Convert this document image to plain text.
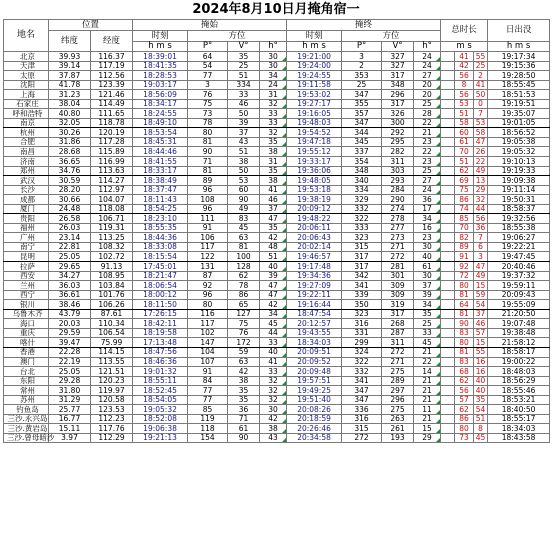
2024年8月10日月掩角宿一
地名	位置		掩始				掩终				总时长			日出没
	纬度	经度	时刻	方位			时刻	方位						
			h m s	P°	V°	h°	h m s	P°	V°	h°	m s			h m s
北京	39.93	116.37	18:39:01	64	35	30	19:21:00	3	327	24		41	55	19:17:34
天津	39.14	117.19	18:41:35	54	25	30	19:24:00	2	327	24		42	25	19:15:36
太原	37.87	112.56	18:28:53	77	51	34	19:24:55	353	317	27		56	2	19:28:50
沈阳	41.78	123.39	19:03:17	3	334	24	19:11:58	25	348	20		8	41	18:55:45
上海	31.23	121.46	18:56:09	76	33	31	19:53:02	347	296	20		56	50	18:51:53
石家庄	38.04	114.49	18:34:17	75	46	32	19:27:17	355	317	25		53	0	19:19:51
呼和浩特	40.80	111.65	18:24:55	73	50	33	19:16:05	357	326	28		51	7	19:35:07
南京	32.05	118.78	18:49:10	78	39	33	19:48:03	347	300	22		58	53	19:01:05
杭州	30.26	120.19	18:53:54	80	37	32	19:54:52	344	292	21		60	58	18:56:52
合肥	31.86	117.28	18:45:31	81	43	35	19:47:18	345	295	23		61	47	19:05:38
南昌	28.68	115.89	18:44:46	90	51	38	19:55:12	337	282	22		70	26	19:05:32
济南	36.65	116.99	18:41:55	71	38	31	19:33:17	354	311	23		51	22	19:10:13
郑州	34.76	113.63	18:33:17	81	50	35	19:36:06	348	303	25		62	49	19:19:33
武汉	30.59	114.27	18:38:49	89	53	38	19:48:05	340	293	27		69	13	19:09:38
长沙	28.20	112.97	18:37:47	96	60	41	19:53:18	334	284	24		75	29	19:11:14
成都	30.66	104.07	18:11:43	108	90	46	19:38:19	329	290	36		86	32	19:50:31
厦门	24.48	118.08	18:54:25	96	49	37	20:09:12	332	274	17		74	44	18:58:37
贵阳	26.58	106.71	18:23:10	111	83	47	19:48:22	322	278	34		85	56	19:32:56
福州	26.03	119.31	18:55:35	91	45	35	20:06:11	333	277	16		70	36	18:55:38
广州	23.14	113.25	18:44:36	106	63	42	20:06:43	323	273	23		82	7	19:06:27
南宁	22.81	108.32	18:33:08	117	81	48	20:02:14	315	271	30		89	6	19:22:21
昆明	25.05	102.72	18:15:54	122	100	51	19:46:57	317	272	40		91	3	19:47:45
拉萨	29.65	91.13	17:45:01	131	128	40	19:17:48	317	281	61		92	47	20:40:46
西安	34.27	108.95	18:21:47	87	62	39	19:34:36	342	301	30		72	49	19:37:32
兰州	36.03	103.84	18:06:54	92	78	47	19:27:09	341	309	37		80	15	19:59:11
西宁	36.61	101.76	18:00:12	96	86	47	19:22:11	339	309	39		81	59	20:09:43
银川	38.46	106.26	18:11:50	80	65	42	19:16:44	350	319	34		64	54	19:55:09
乌鲁木齐	43.79	87.61	17:26:15	116	127	34	18:47:54	323	317	35		81	37	21:20:50
海口	20.03	110.34	18:42:11	117	75	45	20:12:57	316	268	25		90	46	19:07:48
重庆	29.59	106.54	18:19:58	102	76	44	19:43:55	331	287	33		83	57	19:38:48
喀什	39.47	75.99	17:13:48	147	172	33	18:34:03	299	311	45		80	15	21:58:12
香港	22.28	114.15	18:47:56	104	59	40	20:09:51	324	272	21		81	55	18:58:17
澳门	22.19	113.55	18:46:36	107	63	41	20:09:52	322	271	22		83	16	19:00:22
台北	25.05	121.51	19:01:32	91	42	33	20:09:48	332	275	14		68	16	18:48:03
东阳	29.28	120.23	18:55:11	84	38	32	19:57:51	341	289	21		62	40	18:56:29
常州	31.80	119.97	18:52:45	77	35	32	19:49:25	347	297	21		56	40	18:55:46
苏州	31.29	120.58	18:54:05	77	35	32	19:51:40	347	296	21		57	35	18:53:21
钓鱼岛	25.77	123.53	19:05:32	85	36	30	20:08:26	336	275	11		62	54	18:40:50
三沙.永兴岛	16.77	112.23	18:52:08	119	71	42	20:18:59	316	263	21		86	51	18:55:17
三沙.黄岩岛	15.11	117.76	19:06:38	118	61	38	20:26:46	315	261	15		80	8	18:34:03
三沙.曾母暗沙	3.97	112.29	19:21:13	154	90	43	20:34:58	272	193	29		73	45	18:43:58
